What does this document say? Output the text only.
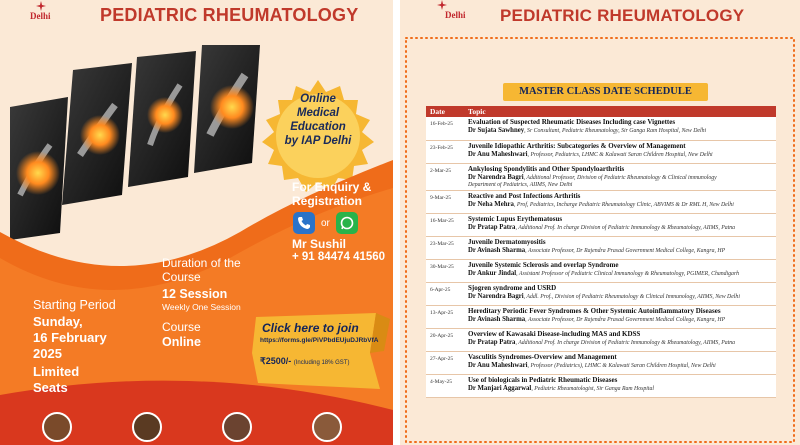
Delhi	PEDIATRIC RHEUMATOLOGY
Online
Medical Education
by IAP Delhi
For Enquiry &
Registration
or
Mr Sushil
+ 91 84474 41560
Duration of the
Course
12 Session
Weekly One Session
Course
Online
Starting Period
Sunday,
16 February
2025
Limited
Seats
Click here to join
https://forms.gle/PiVPbdEUjuDJRbVfA
₹2500/- (Including 18% GST)
Delhi PEDIATRIC RHEUMATOLOGY
MASTER CLASS DATE SCHEDULE
Date	Topic
16-Feb-25	Evaluation of Suspected Rheumatic Diseases Including case Vignettes
Dr Sujata Sawhney, Sr Consultant, Pediatric Rheumatology, Sir Ganga Ram Hospital, New Delhi

23-Feb-25	Juvenile Idiopathic Arthritis: Subcategories & Overview of Management
Dr Anu Maheshwari, Professor, Pediatrics, LHMC & Kalawati Saran Children Hospital, New Delhi

2-Mar-25	Ankylosing Spondylitis and Other Spondyloarthritis
Dr Narendra Bagri, Additional Professor, Division of Pediatric Rheumatology & Clinical immunology
Department of Pediatrics, AIIMS, New Delhi

9-Mar-25	Reactive and Post Infections Arthritis
Dr Neha Mehra, Prof, Pediatrics, Incharge Pediatric Rheumatology Clinic, ABVIMS & Dr RML H, New Delhi

16-Mar-25	Systemic Lupus Erythematosus
Dr Pratap Patra, Additional Prof. In charge Division of Pediatric Immunology & Rheumatology, AIIMS, Patna

23-Mar-25	Juvenile Dermatomyositis
Dr Avinash Sharma, Associate Professor, Dr Rajendra Prasad Government Medical College, Kangra, HP

30-Mar-25	Juvenile Systemic Sclerosis and overlap Syndrome
Dr Ankur Jindal, Assistant Professor of Pediatric Clinical Immunology & Rheumatology, PGIMER, Chandigarh

6-Apr-25	Sjogren syndrome and USRD
Dr Narendra Bagri, Addl. Prof., Division of Pediatric Rheumatology & Clinical Immunology, AIIMS, New Delhi

13-Apr-25	Hereditary Periodic Fever Syndromes & Other Systemic Autoinflammatory Diseases
Dr Avinash Sharma, Associate Professor, Dr Rajendra Prasad Government Medical College, Kangra, HP

20-Apr-25	Overview of Kawasaki Disease-including MAS and KDSS
Dr Pratap Patra, Additional Prof. In charge Division of Pediatric Immunology & Rheumatology, AIIMS, Patna

27-Apr-25	Vasculitis Syndromes-Overview and Management
Dr Anu Maheshwari, Professor (Pediatrics), LHMC & Kalawati Saran Children Hospital, New Delhi

4-May-25	Use of biologicals in Pediatric Rheumatic Diseases
Dr Manjari Aggarwal, Pediatric Rheumatologist, Sir Ganga Ram Hospital
